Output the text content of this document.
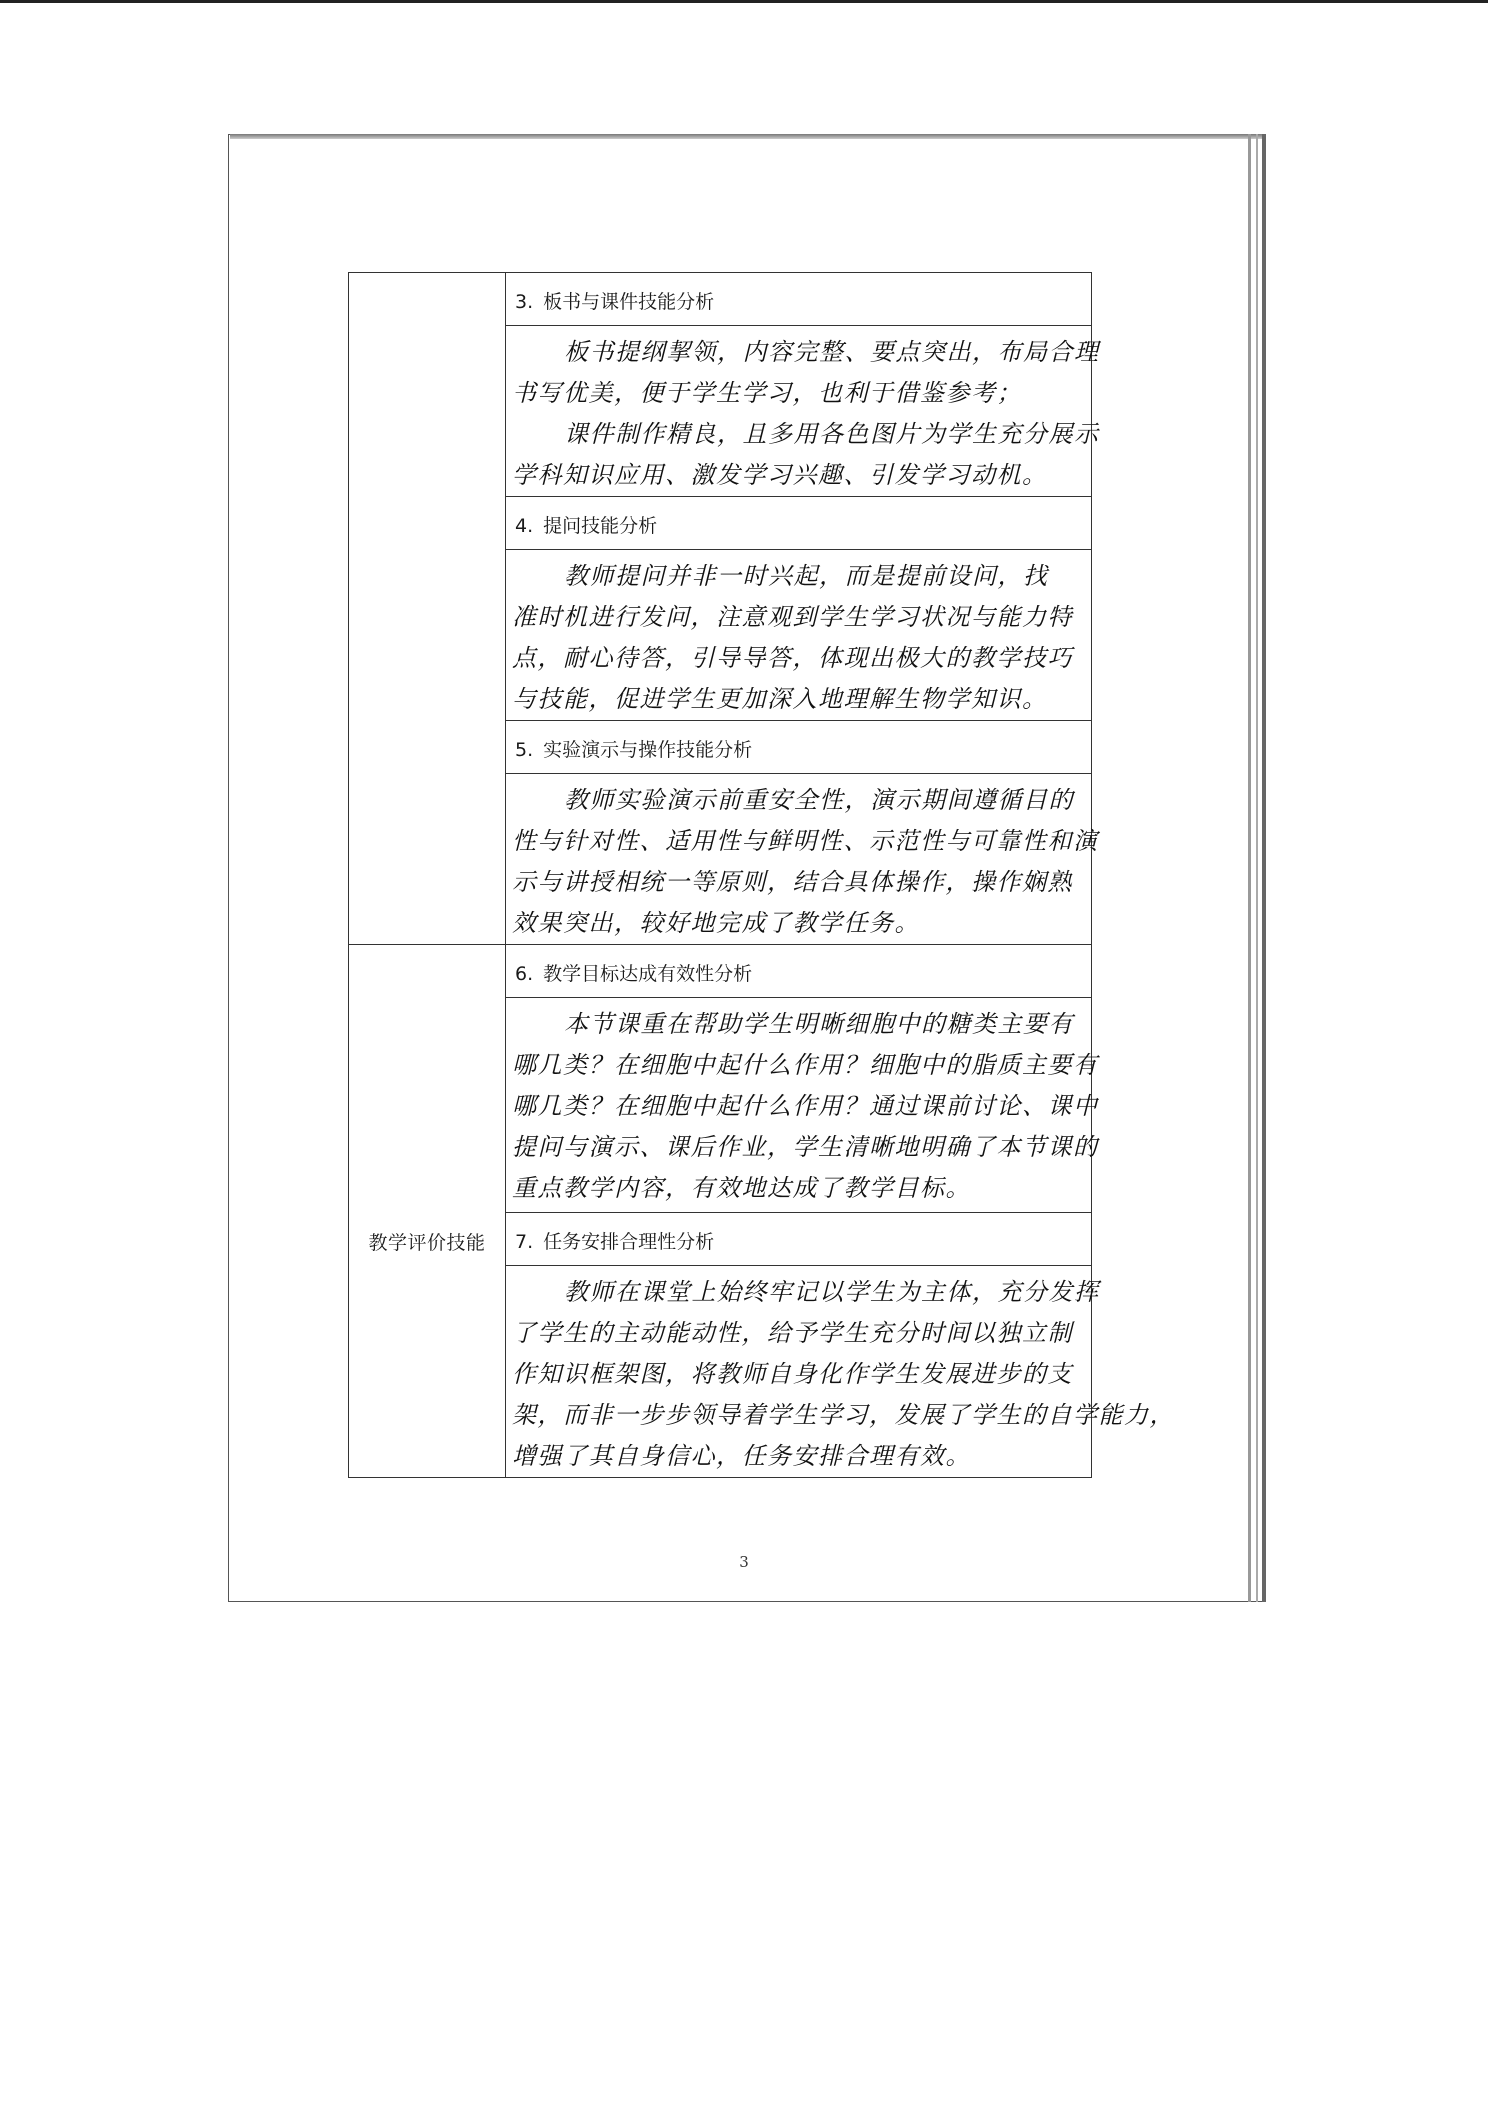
	3. 板书与课件技能分析

	板书提纲挈领，内容完整、要点突出，布局合理

书写优美，便于学生学习，也利于借鉴参考；

课件制作精良，且多用各色图片为学生充分展示

学科知识应用、激发学习兴趣、引发学习动机。

	4. 提问技能分析

	教师提问并非一时兴起，而是提前设问，找

准时机进行发问，注意观到学生学习状况与能力特

点，耐心待答，引导导答，体现出极大的教学技巧

与技能，促进学生更加深入地理解生物学知识。

	5. 实验演示与操作技能分析

	教师实验演示前重安全性，演示期间遵循目的

性与针对性、适用性与鲜明性、示范性与可靠性和演

示与讲授相统一等原则，结合具体操作，操作娴熟

效果突出，较好地完成了教学任务。

教学评价技能	6. 教学目标达成有效性分析

	本节课重在帮助学生明晰细胞中的糖类主要有

哪几类？在细胞中起什么作用？细胞中的脂质主要有

哪几类？在细胞中起什么作用？通过课前讨论、课中

提问与演示、课后作业，学生清晰地明确了本节课的

重点教学内容，有效地达成了教学目标。

	7. 任务安排合理性分析

	教师在课堂上始终牢记以学生为主体，充分发挥

了学生的主动能动性，给予学生充分时间以独立制

作知识框架图，将教师自身化作学生发展进步的支

架，而非一步步领导着学生学习，发展了学生的自学能力，

增强了其自身信心，任务安排合理有效。

3
